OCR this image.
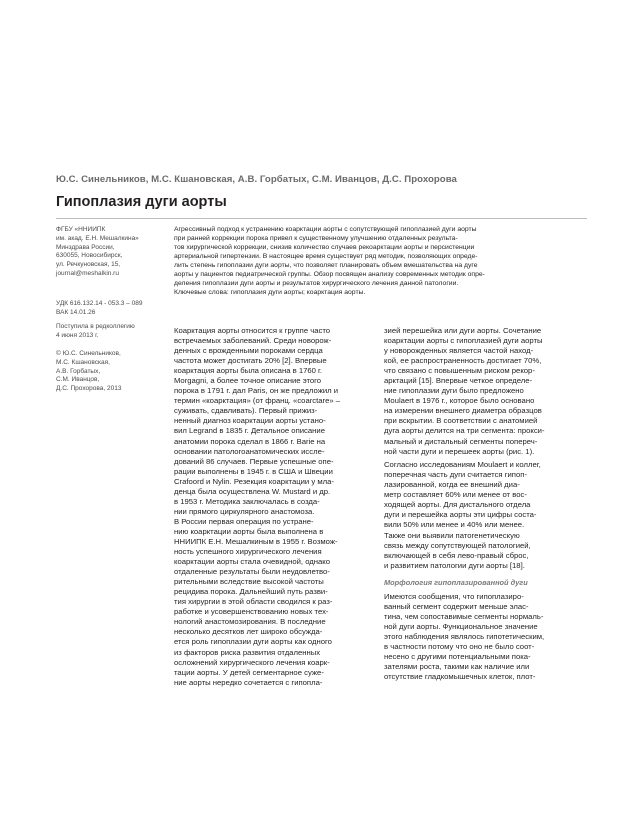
Ю.С. Синельников, М.С. Кшановская, А.В. Горбатых, С.М. Иванцов, Д.С. Прохорова
Гипоплазия дуги аорты
ФГБУ «ННИИПК
им. акад. Е.Н. Мешалкина»
Минздрава России,
630055, Новосибирск,
ул. Речкуновская, 15,
journal@meshalkin.ru
УДК 616.132.14 - 053.3 – 089
ВАК 14.01.26
Поступила в редколлегию
4 июня 2013 г.
© Ю.С. Синельников,
М.С. Кшановская,
А.В. Горбатых,
С.М. Иванцов,
Д.С. Прохорова, 2013
Агрессивный подход к устранению коарктации аорты с сопутствующей гипоплазией дуги аорты
при ранней коррекции порока привел к существенному улучшению отдаленных результа-
тов хирургической коррекции, снизив количество случаев рекоарктации аорты и персистенции
артериальной гипертензии. В настоящее время существует ряд методик, позволяющих опреде-
лить степень гипоплазии дуги аорты, что позволяет планировать объем вмешательства на дуге
аорты у пациентов педиатрической группы. Обзор посвящен анализу современных методик опре-
деления гипоплазии дуги аорты и результатов хирургического лечения данной патологии.
Ключевые слова: гипоплазия дуги аорты; коарктация аорты.
Коарктация аорты относится к группе часто
встречаемых заболеваний. Среди новорож-
денных с врожденными пороками сердца
частота может достигать 20% [2]. Впервые
коарктация аорты была описана в 1760 г.
Morgagni, а более точное описание этого
порока в 1791 г. дал Paris, он же предложил и
термин «коарктация» (от франц. «coarctare» –
суживать, сдавливать). Первый прижиз-
ненный диагноз коарктации аорты устано-
вил Legrand в 1835 г. Детальное описание
анатомии порока сделал в 1866 г. Barie на
основании патологоанатомических иссле-
дований 86 случаев. Первые успешные опе-
рации выполнены в 1945 г. в США и Швеции
Crafoord и Nylin. Резекция коарктации у мла-
денца была осуществлена W. Mustard и др.
в 1953 г. Методика заключалась в созда-
нии прямого циркулярного анастомоза.
В России первая операция по устране-
нию коарктации аорты была выполнена в
ННИИПК Е.Н. Мешалкиным в 1955 г. Возмож-
ность успешного хирургического лечения
коарктации аорты стала очевидной, однако
отдаленные результаты были неудовлетво-
рительными вследствие высокой частоты
рецидива порока. Дальнейший путь разви-
тия хирургии в этой области сводился к раз-
работке и усовершенствованию новых тех-
нологий анастомозирования. В последние
несколько десятков лет широко обсужда-
ется роль гипоплазии дуги аорты как одного
из факторов риска развития отдаленных
осложнений хирургического лечения коарк-
тации аорты. У детей сегментарное суже-
ние аорты нередко сочетается с гипопла-
зией перешейка или дуги аорты. Сочетание
коарктации аорты с гипоплазией дуги аорты
у новорожденных является частой наход-
кой, ее распространенность достигает 70%,
что связано с повышенным риском рекор-
арктаций [15]. Впервые четкое определе-
ние гипоплазии дуги было предложено
Moulaert в 1976 г., которое было основано
на измерении внешнего диаметра образцов
при вскрытии. В соответствии с анатомией
дуга аорты делится на три сегмента: прокси-
мальный и дистальный сегменты попереч-
ной части дуги и перешеек аорты (рис. 1).
Согласно исследованиям Moulaert и коллег,
поперечная часть дуги считается гипоп-
лазированной, когда ее внешний диа-
метр составляет 60% или менее от вос-
ходящей аорты. Для дистального отдела
дуги и перешейка аорты эти цифры соста-
вили 50% или менее и 40% или менее.
Также они выявили патогенетическую
связь между сопутствующей патологией,
включающей в себя лево-правый сброс,
и развитием патологии дуги аорты [18].
Морфология гипоплазированной дуги
Имеются сообщения, что гипоплазиро-
ванный сегмент содержит меньше элас-
тина, чем сопоставимые сегменты нормаль-
ной дуги аорты. Функциональное значение
этого наблюдения являлось гипотетическим,
в частности потому что оно не было соот-
несено с другими потенциальными пока-
зателями роста, такими как наличие или
отсутствие гладкомышечных клеток, плот-
